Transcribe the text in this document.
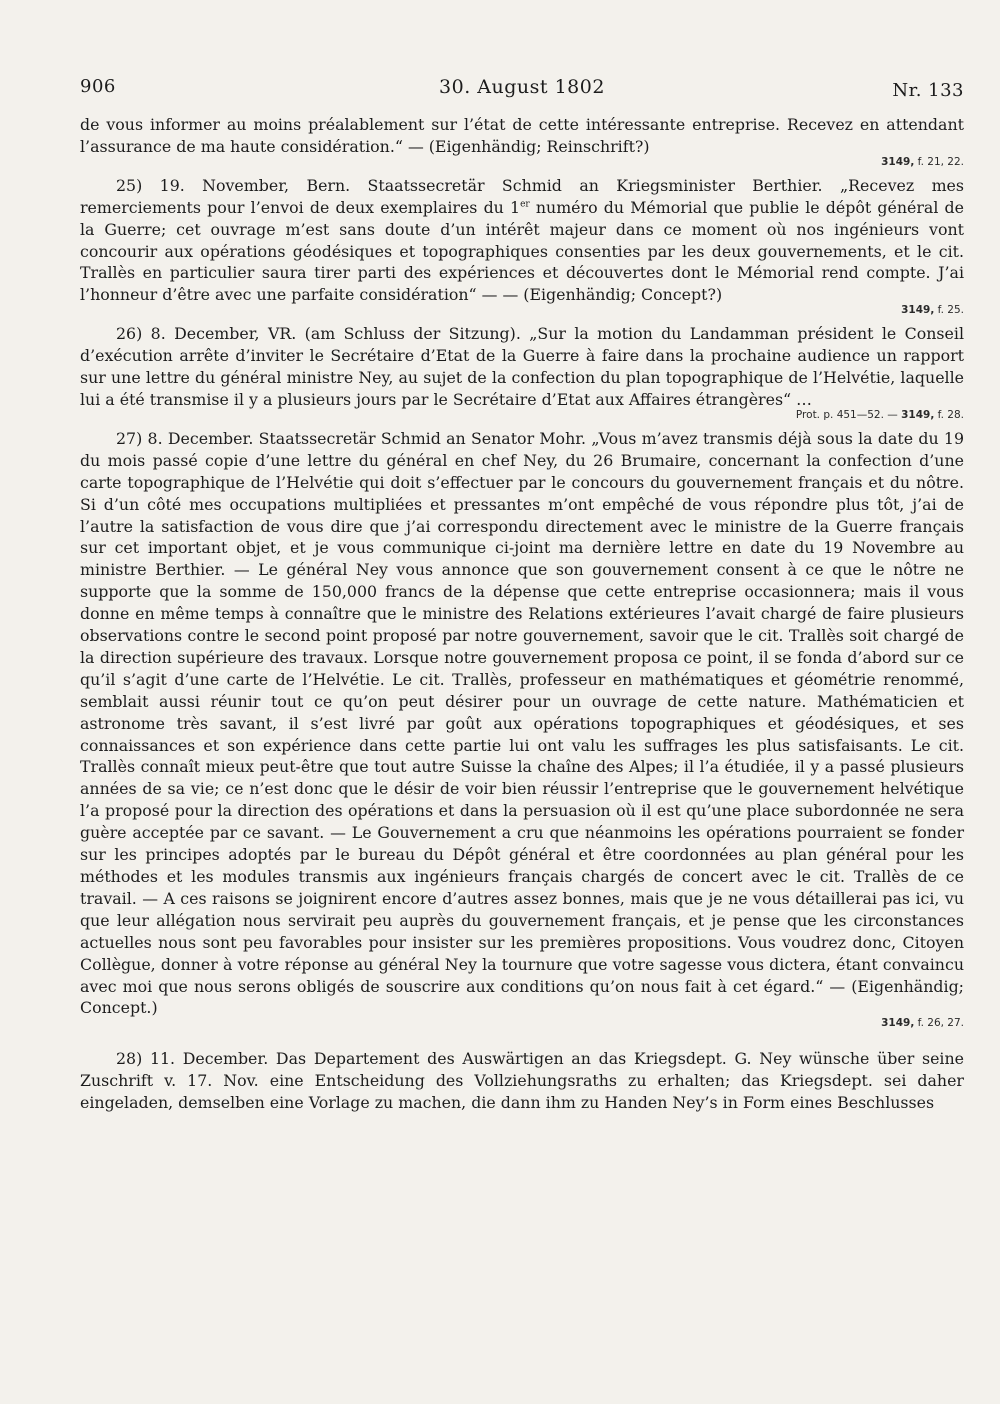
906	30. August 1802	Nr. 133

de vous informer au moins préalablement sur l’état de cette intéressante entreprise. Recevez en attendant l’assurance de ma haute considération.“ — (Eigenhändig; Reinschrift?)

3149, f. 21, 22.

25) 19. November, Bern. Staatssecretär Schmid an Kriegsminister Berthier. „Recevez mes remerciements pour l’envoi de deux exemplaires du 1er numéro du Mémorial que publie le dépôt général de la Guerre; cet ouvrage m’est sans doute d’un intérêt majeur dans ce moment où nos ingénieurs vont concourir aux opérations géodésiques et topographiques consenties par les deux gouvernements, et le cit. Trallès en particulier saura tirer parti des expériences et découvertes dont le Mémorial rend compte. J’ai l’honneur d’être avec une parfaite considération“ — — (Eigenhändig; Concept?)

3149, f. 25.

26) 8. December, VR. (am Schluss der Sitzung). „Sur la motion du Landamman président le Conseil d’exécution arrête d’inviter le Secrétaire d’Etat de la Guerre à faire dans la prochaine audience un rapport sur une lettre du général ministre Ney, au sujet de la confection du plan topographique de l’Helvétie, laquelle lui a été transmise il y a plusieurs jours par le Secrétaire d’Etat aux Affaires étrangères“ …

Prot. p. 451—52. — 3149, f. 28.

27) 8. December. Staatssecretär Schmid an Senator Mohr. „Vous m’avez transmis déjà sous la date du 19 du mois passé copie d’une lettre du général en chef Ney, du 26 Brumaire, concernant la confection d’une carte topographique de l’Helvétie qui doit s’effectuer par le concours du gouvernement français et du nôtre. Si d’un côté mes occupations multipliées et pressantes m’ont empêché de vous répondre plus tôt, j’ai de l’autre la satisfaction de vous dire que j’ai correspondu directement avec le ministre de la Guerre français sur cet important objet, et je vous communique ci-joint ma dernière lettre en date du 19 Novembre au ministre Berthier. — Le général Ney vous annonce que son gouvernement consent à ce que le nôtre ne supporte que la somme de 150,000 francs de la dépense que cette entreprise occasionnera; mais il vous donne en même temps à connaître que le ministre des Relations extérieures l’avait chargé de faire plusieurs observations contre le second point proposé par notre gouvernement, savoir que le cit. Trallès soit chargé de la direction supérieure des travaux. Lorsque notre gouvernement proposa ce point, il se fonda d’abord sur ce qu’il s’agit d’une carte de l’Helvétie. Le cit. Trallès, professeur en mathématiques et géométrie renommé, semblait aussi réunir tout ce qu’on peut désirer pour un ouvrage de cette nature. Mathématicien et astronome très savant, il s’est livré par goût aux opérations topographiques et géodésiques, et ses connaissances et son expérience dans cette partie lui ont valu les suffrages les plus satisfaisants. Le cit. Trallès connaît mieux peut-être que tout autre Suisse la chaîne des Alpes; il l’a étudiée, il y a passé plusieurs années de sa vie; ce n’est donc que le désir de voir bien réussir l’entreprise que le gouvernement helvétique l’a proposé pour la direction des opérations et dans la persuasion où il est qu’une place subordonnée ne sera guère acceptée par ce savant. — Le Gouvernement a cru que néanmoins les opérations pourraient se fonder sur les principes adoptés par le bureau du Dépôt général et être coordonnées au plan général pour les méthodes et les modules transmis aux ingénieurs français chargés de concert avec le cit. Trallès de ce travail. — A ces raisons se joignirent encore d’autres assez bonnes, mais que je ne vous détaillerai pas ici, vu que leur allégation nous servirait peu auprès du gouvernement français, et je pense que les circonstances actuelles nous sont peu favorables pour insister sur les premières propositions. Vous voudrez donc, Citoyen Collègue, donner à votre réponse au général Ney la tournure que votre sagesse vous dictera, étant convaincu avec moi que nous serons obligés de souscrire aux conditions qu’on nous fait à cet égard.“ — (Eigenhändig; Concept.)

3149, f. 26, 27.

28) 11. December. Das Departement des Auswärtigen an das Kriegsdept. G. Ney wünsche über seine Zuschrift v. 17. Nov. eine Entscheidung des Vollziehungsraths zu erhalten; das Kriegsdept. sei daher eingeladen, demselben eine Vorlage zu machen, die dann ihm zu Handen Ney’s in Form eines Beschlusses
